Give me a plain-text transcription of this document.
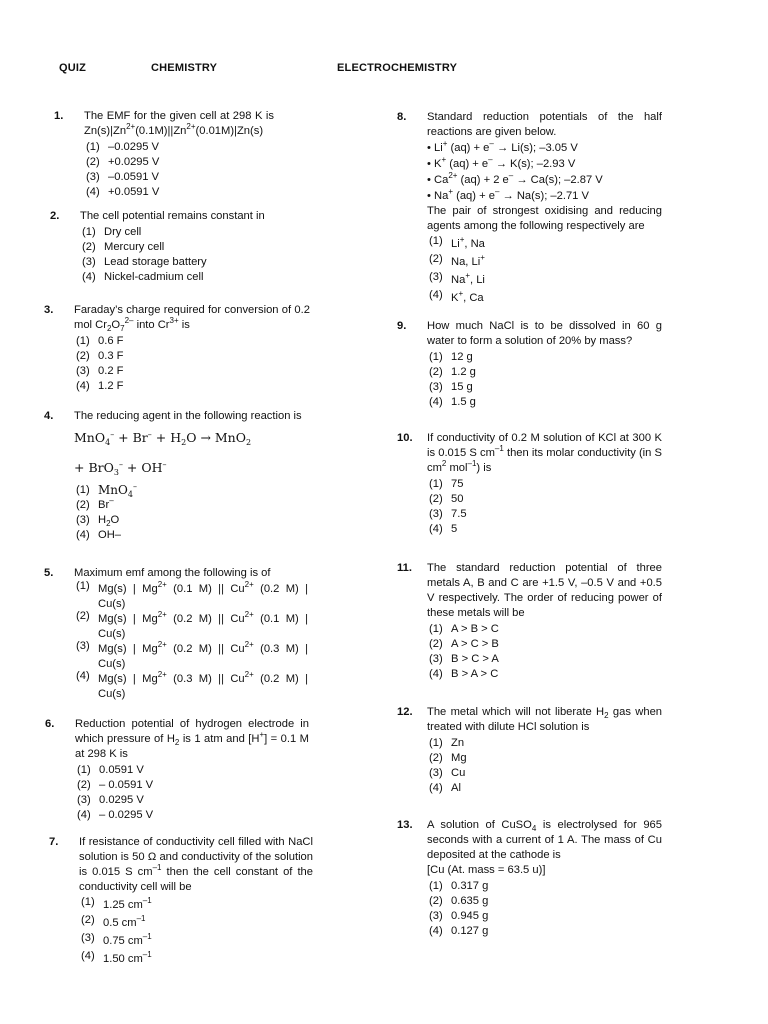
QUIZ	CHEMISTRY	ELECTROCHEMISTRY
1. The EMF for the given cell at 298 K is $Zn(s)|Zn^{2+}(0.1M)||Zn^{2+}(0.01M)|Zn(s)$
(1) –0.0295 V
(2) +0.0295 V
(3) –0.0591 V
(4) +0.0591 V
2. The cell potential remains constant in
(1) Dry cell
(2) Mercury cell
(3) Lead storage battery
(4) Nickel-cadmium cell
3. Faraday’s charge required for conversion of 0.2 mol $Cr_2O_7^{2-}$ into $Cr^{3+}$ is
(1) 0.6 F
(2) 0.3 F
(3) 0.2 F
(4) 1.2 F
4. The reducing agent in the following reaction is
$MnO_4^- + Br^- + H_2O \to MnO_2$
+ BrO$_3$– + OH–
(1) MnO$_4$–
(2) Br–
(3) $H_2O$
(4) OH–
5. Maximum emf among the following is of
(1) Mg(s) | $Mg^{2+}$ (0.1 M) || $Cu^{2+}$ (0.2 M) | Cu(s)
(2) Mg(s) | $Mg^{2+}$ (0.2 M) || $Cu^{2+}$ (0.1 M) | Cu(s)
(3) Mg(s) | $Mg^{2+}$ (0.2 M) || $Cu^{2+}$ (0.3 M) | Cu(s)
(4) Mg(s) | $Mg^{2+}$ (0.3 M) || $Cu^{2+}$ (0.2 M) | Cu(s)
6. Reduction potential of hydrogen electrode in which pressure of $H_2$ is 1 atm and [H+] = 0.1 M at 298 K is
(1) 0.0591 V
(2) – 0.0591 V
(3) 0.0295 V
(4) – 0.0295 V
7. If resistance of conductivity cell filled with NaCl solution is 50 Ω and conductivity of the solution is 0.015 S $cm^{-1}$ then the cell constant of the conductivity cell will be
(1) 1.25 $cm^{-1}$
(2) 0.5 $cm^{-1}$
(3) 0.75 $cm^{-1}$
(4) 1.50 $cm^{-1}$
8. Standard reduction potentials of the half reactions are given below.
• Li+ (aq) + e– → Li(s); –3.05 V
• K+ (aq) + e– → K(s); –2.93 V
• $Ca^{2+}$ (aq) + 2 e– → Ca(s); –2.87 V
• Na+ (aq) + e– → Na(s); –2.71 V
The pair of strongest oxidising and reducing agents among the following respectively are
(1) Li+, Na
(2) Na, Li+
(3) Na+, Li
(4) K+, Ca
9. How much NaCl is to be dissolved in 60 g water to form a solution of 20% by mass?
(1) 12 g
(2) 1.2 g
(3) 15 g
(4) 1.5 g
10. If conductivity of 0.2 M solution of KCl at 300 K is 0.015 S $cm^{-1}$ then its molar conductivity (in S $cm^2$ mol$^{-1}$) is
(1) 75
(2) 50
(3) 7.5
(4) 5
11. The standard reduction potential of three metals A, B and C are +1.5 V, –0.5 V and +0.5 V respectively. The order of reducing power of these metals will be
(1) A > B > C
(2) A > C > B
(3) B > C > A
(4) B > A > C
12. The metal which will not liberate $H_2$ gas when treated with dilute HCl solution is
(1) Zn
(2) Mg
(3) Cu
(4) Al
13. A solution of CuSO$_4$ is electrolysed for 965 seconds with a current of 1 A. The mass of Cu deposited at the cathode is
[Cu (At. mass = 63.5 u)]
(1) 0.317 g
(2) 0.635 g
(3) 0.945 g
(4) 0.127 g
